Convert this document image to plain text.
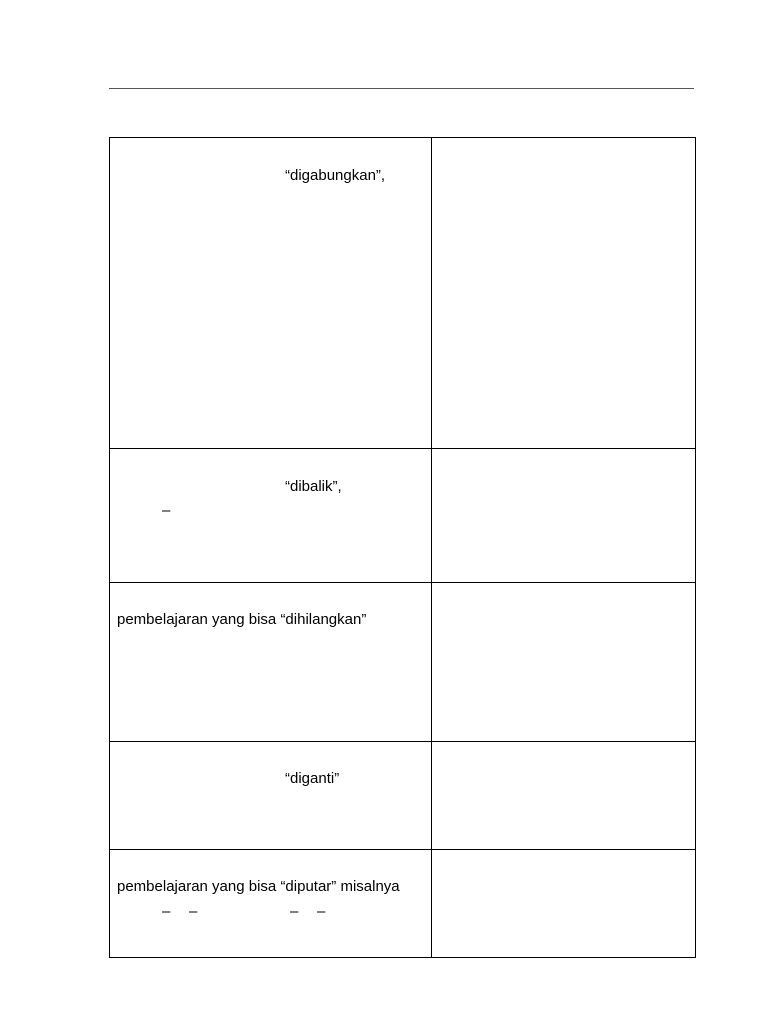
“digabungkan”,
“dibalik”,
–
pembelajaran yang bisa “dihilangkan”
“diganti”
pembelajaran yang bisa “diputar” misalnya
– –	– –
